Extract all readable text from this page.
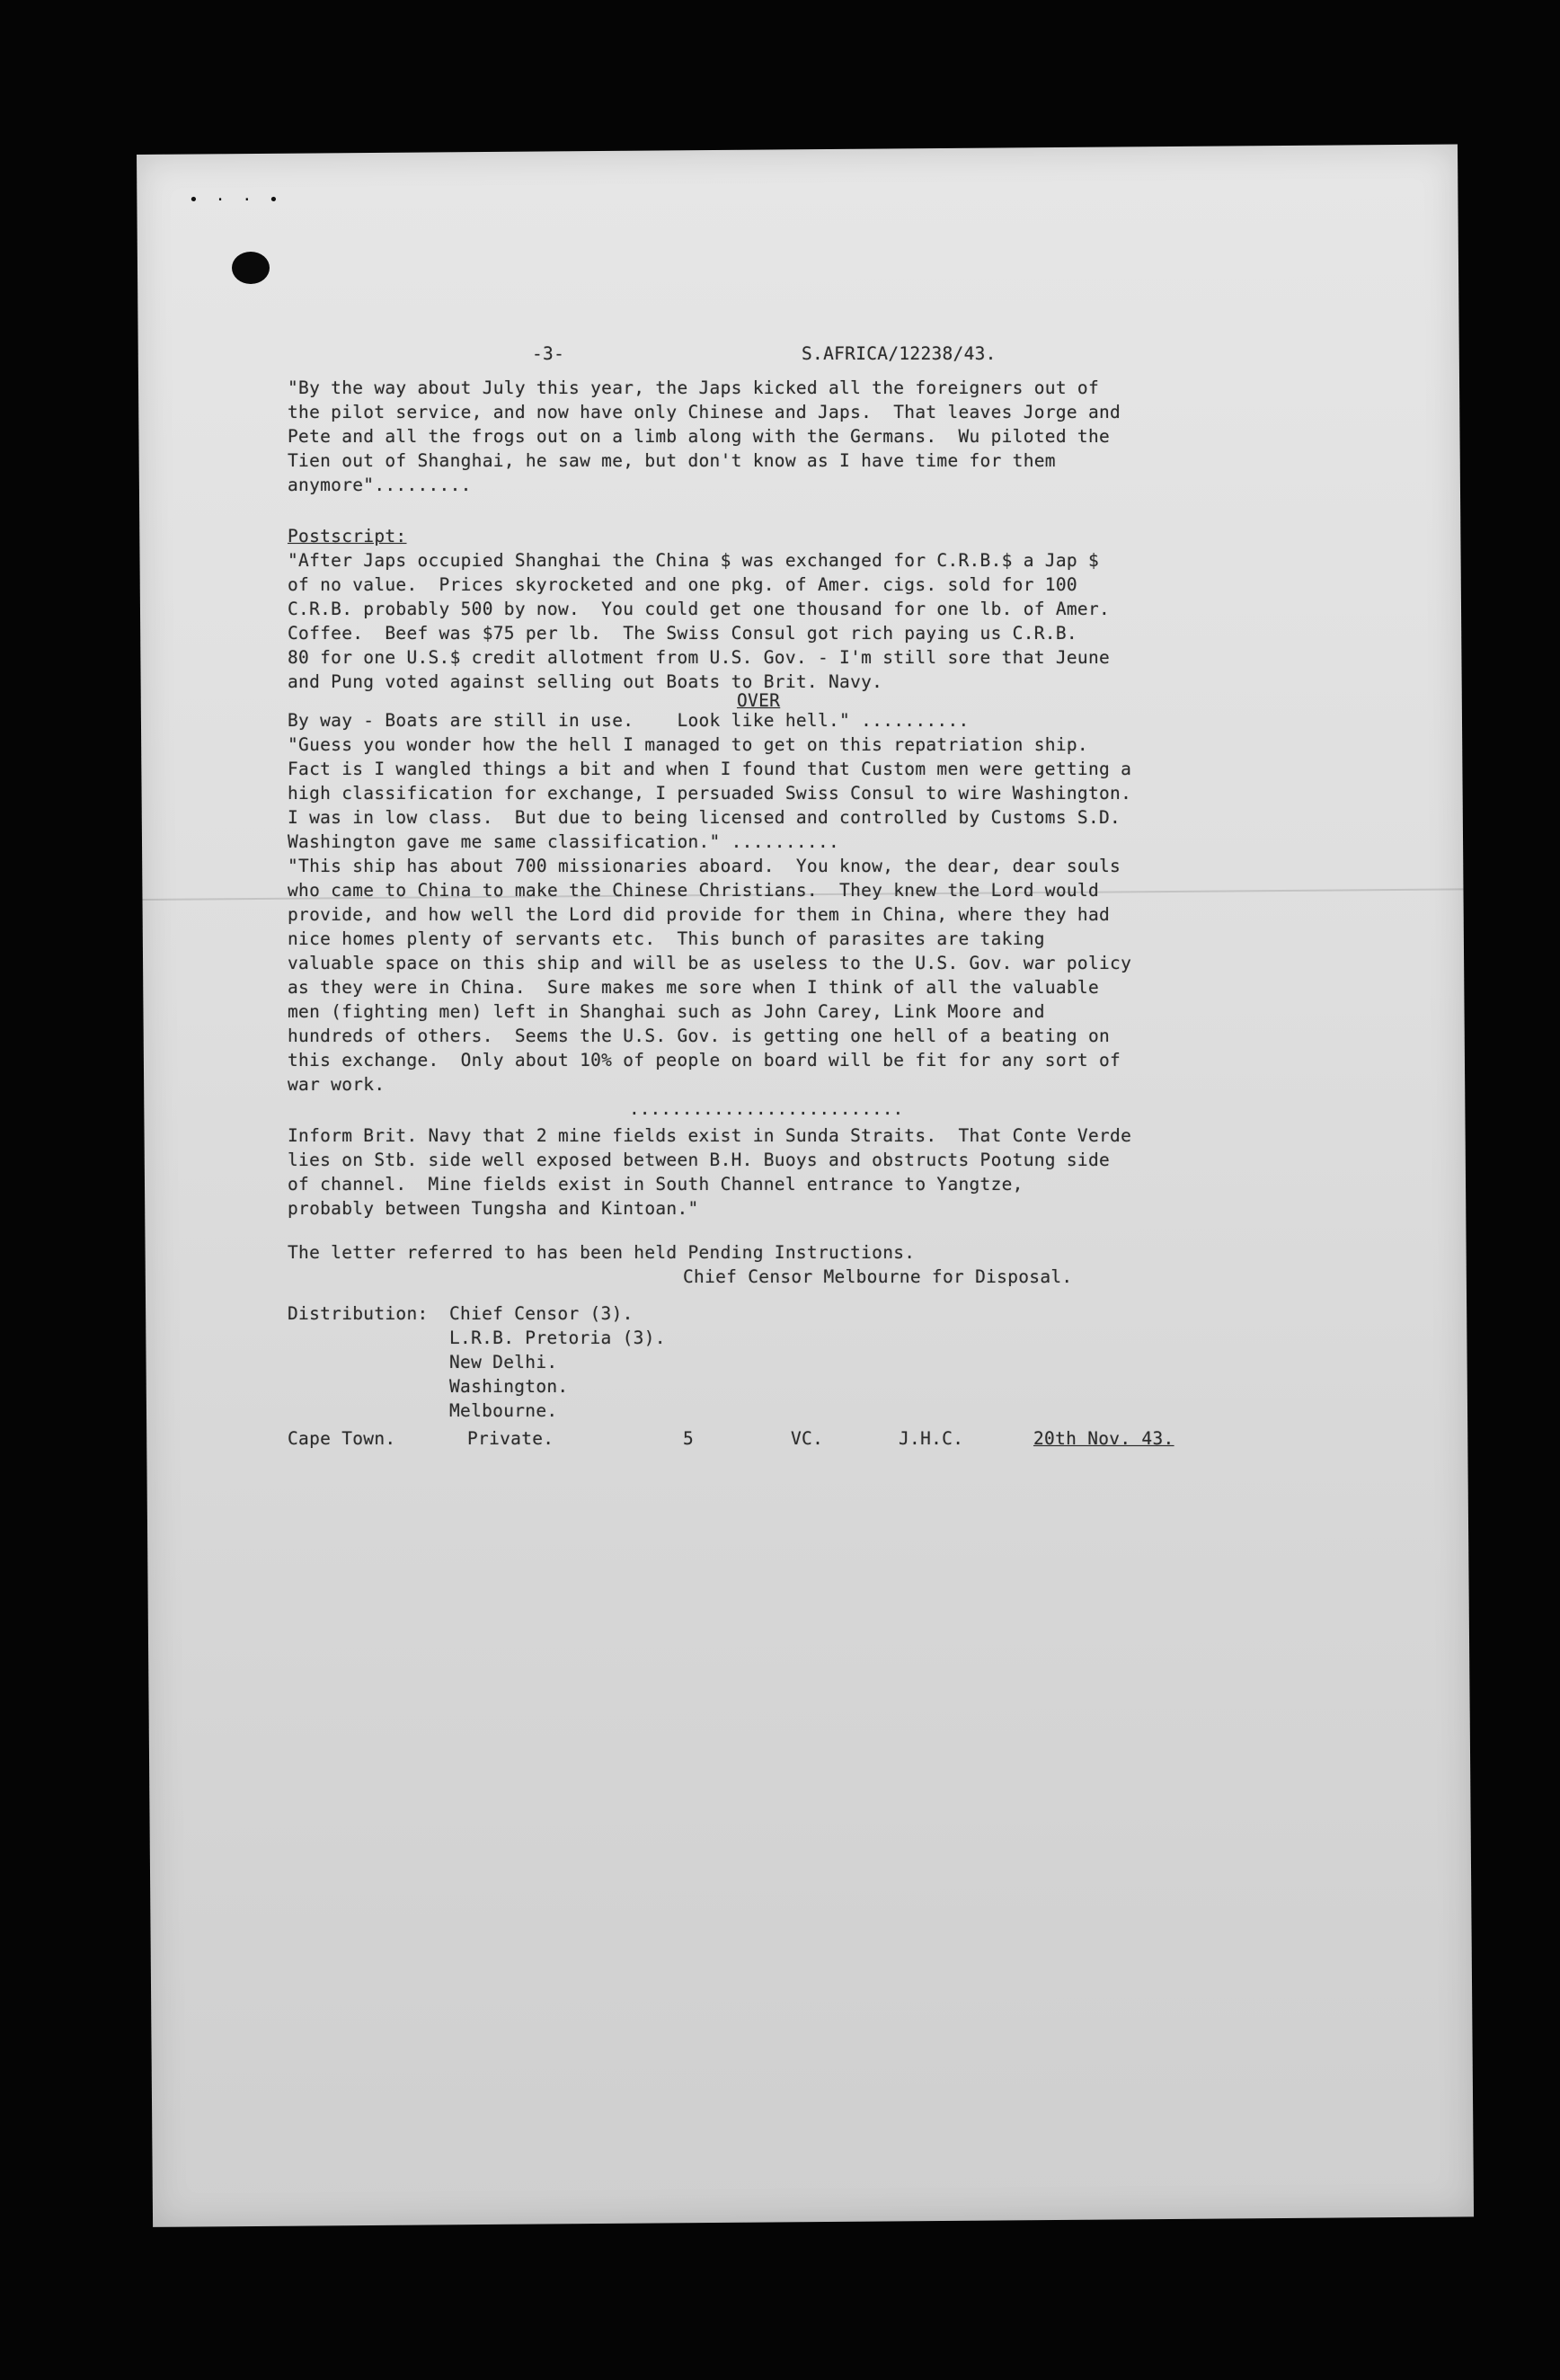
• · · •
-3-	S.AFRICA/12238/43.
"By the way about July this year, the Japs kicked all the foreigners out of
the pilot service, and now have only Chinese and Japs.  That leaves Jorge and
Pete and all the frogs out on a limb along with the Germans.  Wu piloted the
Tien out of Shanghai, he saw me, but don't know as I have time for them
anymore".........
Postscript:
"After Japs occupied Shanghai the China $ was exchanged for C.R.B.$ a Jap $
of no value.  Prices skyrocketed and one pkg. of Amer. cigs. sold for 100
C.R.B. probably 500 by now.  You could get one thousand for one lb. of Amer.
Coffee.  Beef was $75 per lb.  The Swiss Consul got rich paying us C.R.B.
80 for one U.S.$ credit allotment from U.S. Gov. - I'm still sore that Jeune
and Pung voted against selling out Boats to Brit. Navy.
OVER
By way - Boats are still in use.    Look like hell." ..........
"Guess you wonder how the hell I managed to get on this repatriation ship.
Fact is I wangled things a bit and when I found that Custom men were getting a
high classification for exchange, I persuaded Swiss Consul to wire Washington.
I was in low class.  But due to being licensed and controlled by Customs S.D.
Washington gave me same classification." ..........
"This ship has about 700 missionaries aboard.  You know, the dear, dear souls
who came to China to make the Chinese Christians.  They knew the Lord would
provide, and how well the Lord did provide for them in China, where they had
nice homes plenty of servants etc.  This bunch of parasites are taking
valuable space on this ship and will be as useless to the U.S. Gov. war policy
as they were in China.  Sure makes me sore when I think of all the valuable
men (fighting men) left in Shanghai such as John Carey, Link Moore and
hundreds of others.  Seems the U.S. Gov. is getting one hell of a beating on
this exchange.  Only about 10% of people on board will be fit for any sort of
war work.
..........................
Inform Brit. Navy that 2 mine fields exist in Sunda Straits.  That Conte Verde
lies on Stb. side well exposed between B.H. Buoys and obstructs Pootung side
of channel.  Mine fields exist in South Channel entrance to Yangtze,
probably between Tungsha and Kintoan."
The letter referred to has been held Pending Instructions.
Chief Censor Melbourne for Disposal.
Distribution: Chief Censor (3).
L.R.B. Pretoria (3).
New Delhi.
Washington.
Melbourne.
Cape Town.	Private.	5	VC.	J.H.C.	20th Nov. 43.
